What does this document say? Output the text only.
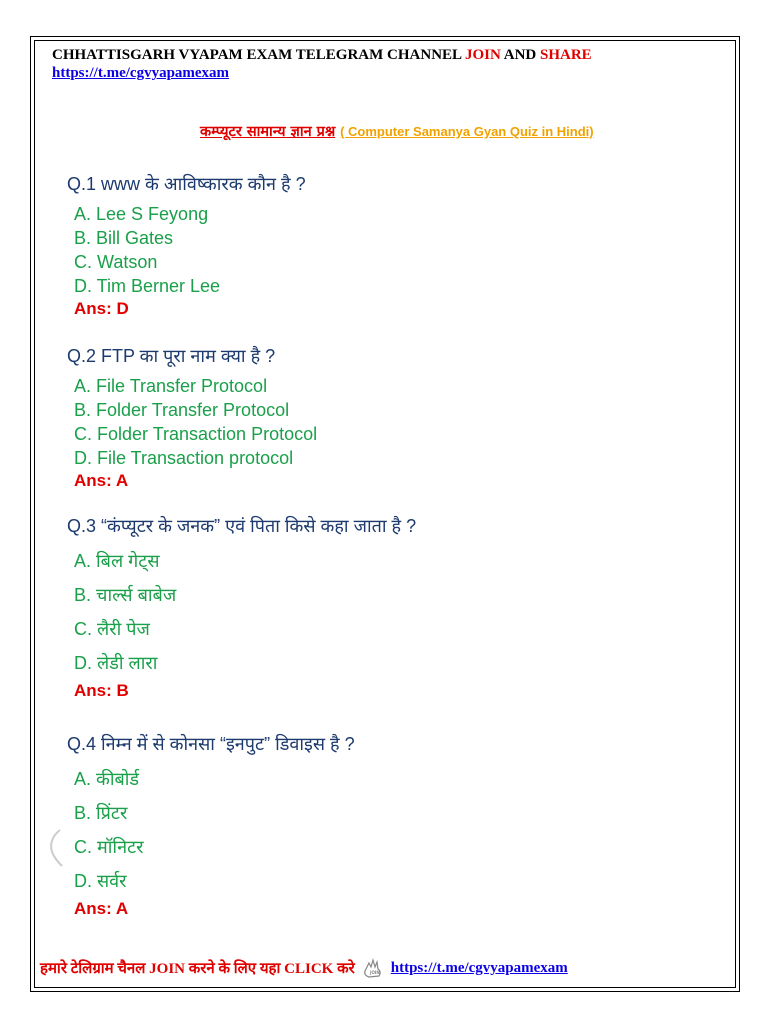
CHHATTISGARH VYAPAM EXAM TELEGRAM CHANNEL JOIN AND SHARE
https://t.me/cgvyapamexam
कम्प्यूटर सामान्य ज्ञान प्रश्न ( Computer Samanya Gyan Quiz in Hindi)
Q.1 www के आविष्कारक कौन है ?
A. Lee S Feyong
B. Bill Gates
C. Watson
D. Tim Berner Lee
Ans: D
Q.2 FTP का पूरा नाम क्या है ?
A. File Transfer Protocol
B. Folder Transfer Protocol
C. Folder Transaction Protocol
D. File Transaction protocol
Ans: A
Q.3 “कंप्यूटर के जनक” एवं पिता किसे कहा जाता है ?
A. बिल गेट्स
B. चार्ल्स बाबेज
C. लैरी पेज
D. लेडी लारा
Ans: B
Q.4 निम्न में से कोनसा “इनपुट” डिवाइस है ?
A. कीबोर्ड
B. प्रिंटर
C. मॉनिटर
D. सर्वर
Ans: A
हमारे टेलिग्राम चैनल JOIN करने के लिए यहा CLICK करे	JOIN https://t.me/cgvyapamexam
